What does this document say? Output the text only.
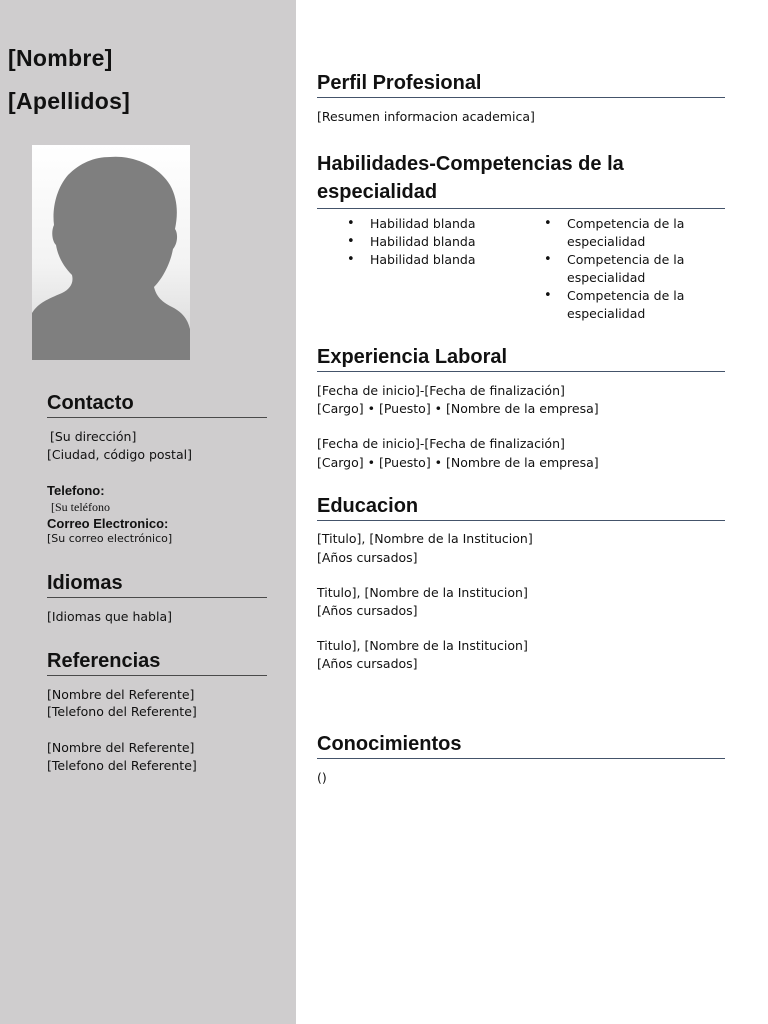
[Nombre]
[Apellidos]
Contacto
[Su dirección]
[Ciudad, código postal]
Telefono:
[Su teléfono
Correo Electronico:
[Su correo electrónico]
Idiomas
[Idiomas que habla]
Referencias
[Nombre del Referente]
[Telefono del Referente]
[Nombre del Referente]
[Telefono del Referente]
Perfil Profesional
[Resumen informacion academica]
Habilidades-Competencias de la
especialidad
• Habilidad blanda
• Habilidad blanda
• Habilidad blanda
• Competencia de la
especialidad
• Competencia de la
especialidad
• Competencia de la
especialidad
Experiencia Laboral
[Fecha de inicio]-[Fecha de finalización]
[Cargo] • [Puesto] • [Nombre de la empresa]
[Fecha de inicio]-[Fecha de finalización]
[Cargo] • [Puesto] • [Nombre de la empresa]
Educacion
[Titulo], [Nombre de la Institucion]
[Años cursados]
Titulo], [Nombre de la Institucion]
[Años cursados]
Titulo], [Nombre de la Institucion]
[Años cursados]
Conocimientos
()
